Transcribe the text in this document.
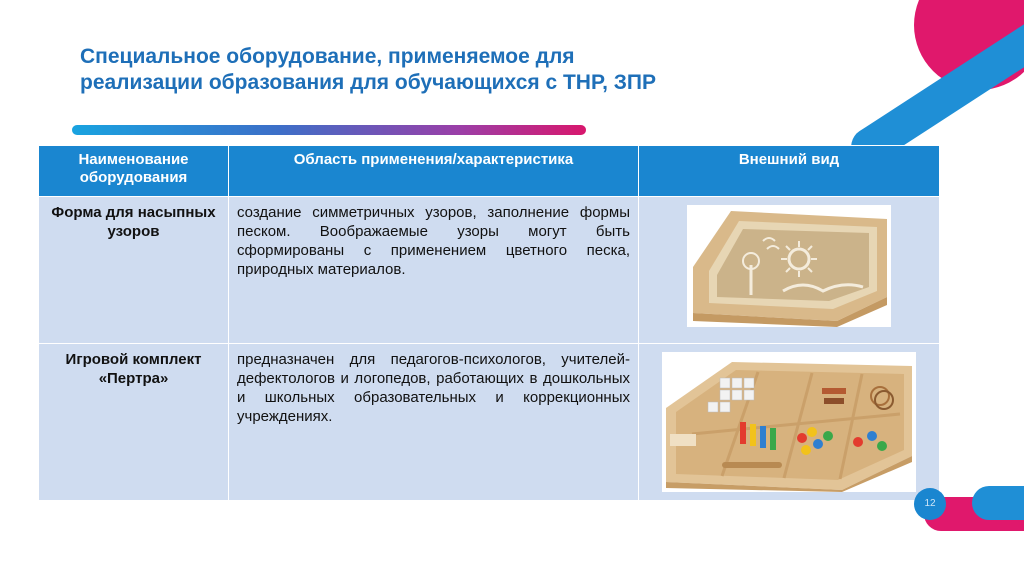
Специальное оборудование, применяемое для
реализации образования для обучающихся с ТНР, ЗПР
Наименование оборудования	Область применения/характеристика	Внешний вид
Форма для насыпных узоров	создание симметричных узоров, заполнение формы песком. Воображаемые узоры могут быть сформированы с применением цветного песка, природных материалов.	

Игровой комплект «Пертра»	предназначен для педагогов-психологов, учителей-дефектологов и логопедов, работающих в дошкольных и школьных образовательных и коррекционных учреждениях.	
12
